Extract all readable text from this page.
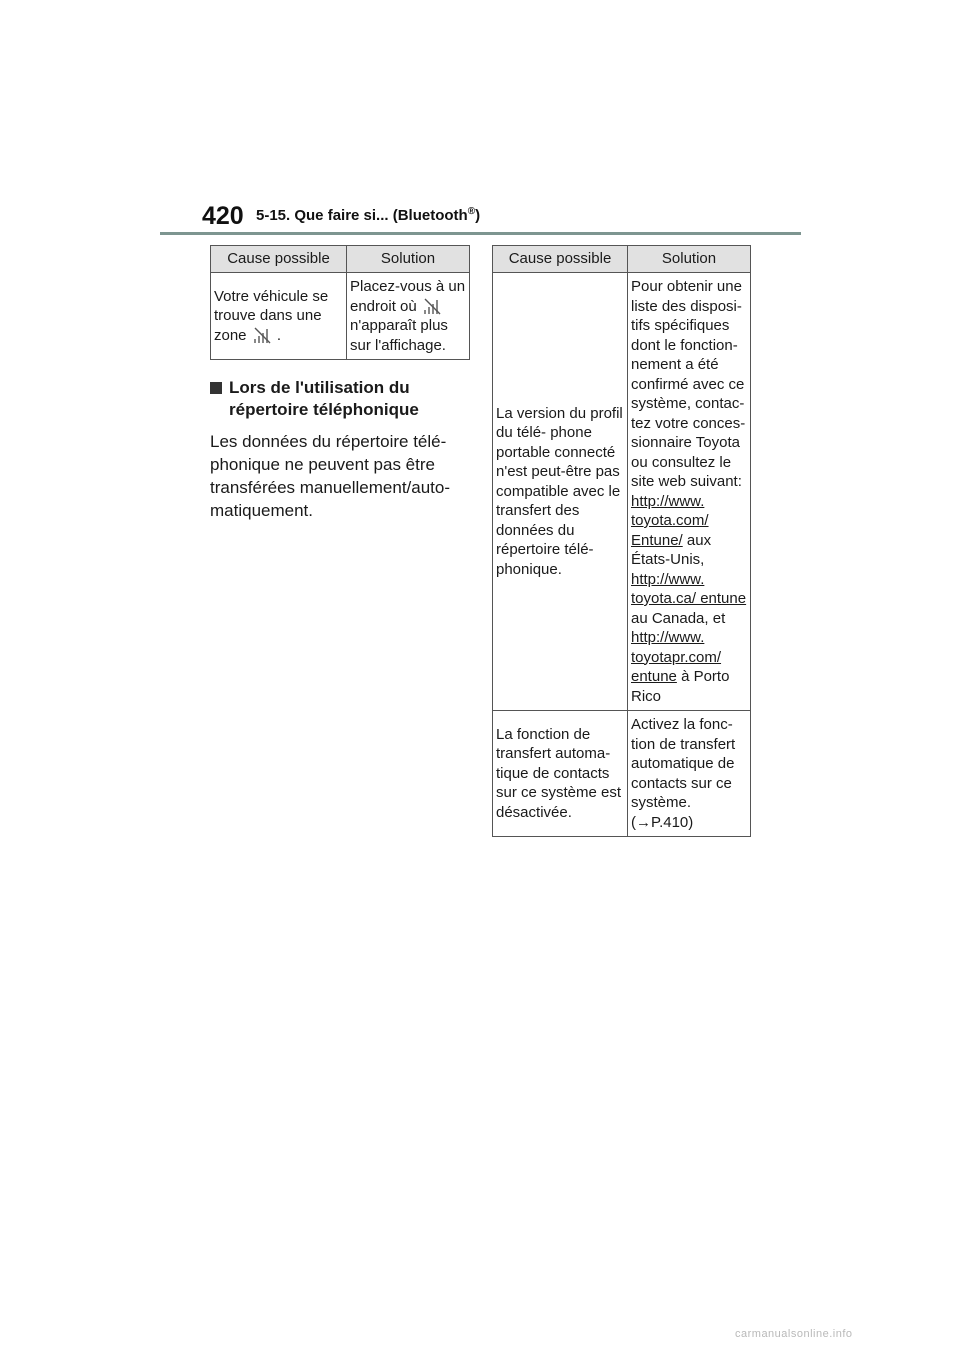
420 5-15. Que faire si... (Bluetooth®)
Cause possible	Solution
Votre véhicule se trouve dans une zone .	Placez-vous à un endroit où  n'apparaît plus sur l'affichage.
Lors de l'utilisation du répertoire téléphonique
Les données du répertoire télé- phonique ne peuvent pas être transférées manuellement/auto- matiquement.
Cause possible	Solution
La version du profil du télé- phone portable connecté n'est peut-être pas compatible avec le transfert des données du répertoire télé- phonique.	Pour obtenir une liste des disposi- tifs spécifiques dont le fonction- nement a été confirmé avec ce système, contac- tez votre conces- sionnaire Toyota ou consultez le site web suivant: http://www. toyota.com/ Entune/ aux États-Unis, http://www. toyota.ca/ entune au Canada, et http://www. toyotapr.com/ entune à Porto Rico
La fonction de transfert automa- tique de contacts sur ce système est désactivée.	Activez la fonc- tion de transfert automatique de contacts sur ce système. (→P.410)
carmanualsonline.info
